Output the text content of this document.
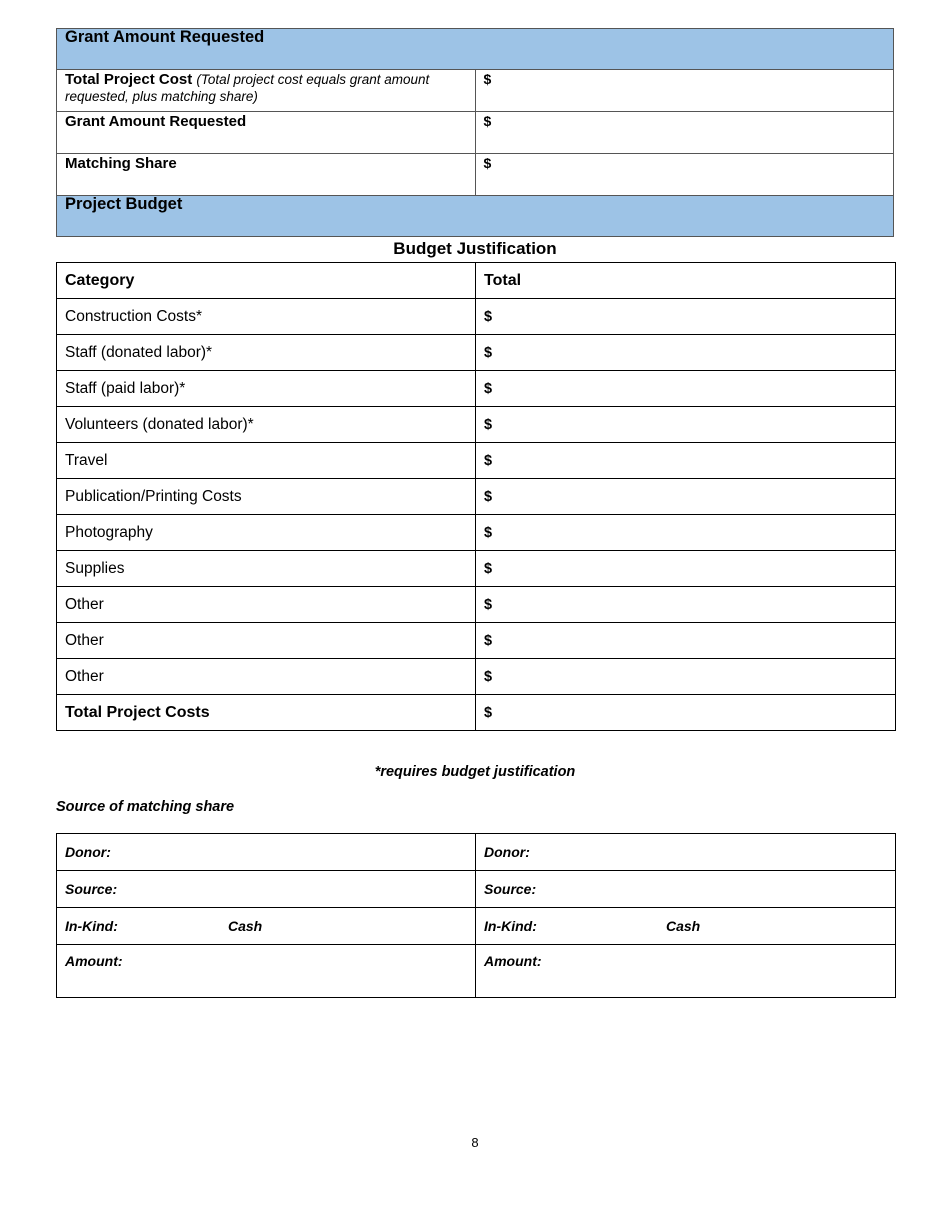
Grant Amount Requested	

Total Project Cost (Total project cost equals grant amount requested, plus matching share)	$
Grant Amount Requested	$
Matching Share	$

Project Budget	
Budget Justification
Category	Total
Construction Costs*	$
Staff (donated labor)*	$
Staff (paid labor)*	$
Volunteers (donated labor)*	$
Travel	$
Publication/Printing Costs	$
Photography	$
Supplies	$
Other	$
Other	$
Other	$
Total Project Costs	$
*requires budget justification
Source of matching share
Donor:	Donor:
Source:	Source:
In-Kind: Cash	In-Kind: Cash
Amount:	Amount:
8
